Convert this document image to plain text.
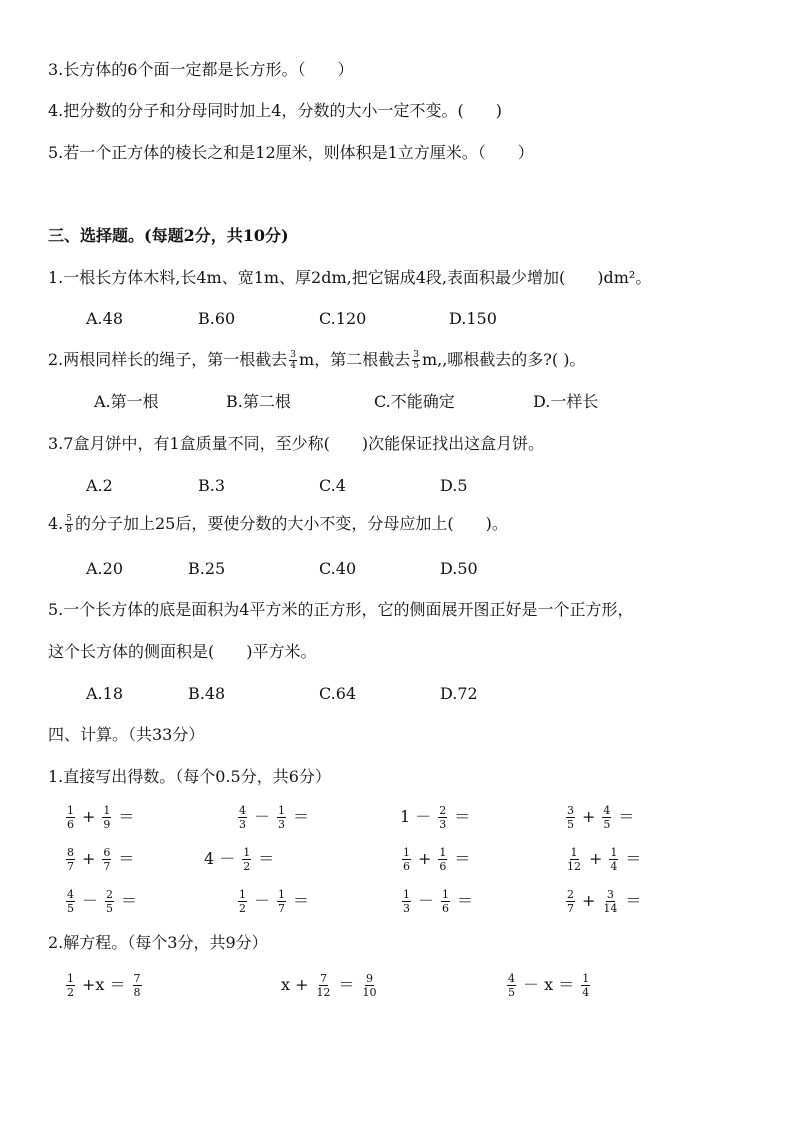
3.长方体的6个面一定都是长方形。（　　）
4.把分数的分子和分母同时加上4，分数的大小一定不变。(　　)
5.若一个正方体的棱长之和是12厘米，则体积是1立方厘米。（　　）
三、选择题。(每题2分，共10分)
1.一根长方体木料,长4m、宽1m、厚2dm,把它锯成4段,表面积最少增加(　　)dm²。
A.48	B.60	C.120	D.150
2.两根同样长的绳子，第一根截去 $\frac{3}{4}$ m，第二根截去 $\frac{3}{5} m$,,哪根截去的多?( )。
A.第一根	B.第二根	C.不能确定	D.一样长
3.7盒月饼中，有1盒质量不同，至少称(　　)次能保证找出这盒月饼。
A.2	B.3	C.4	D.5
4. $\frac{5}{8}$ 的分子加上25后，要使分数的大小不变，分母应加上(　　)。
A.20	B.25	C.40	D.50
5.一个长方体的底是面积为4平方米的正方形，它的侧面展开图正好是一个正方形，
这个长方体的侧面积是(　　)平方米。
A.18	B.48	C.64	D.72
四、计算。（共33分）
1.直接写出得数。（每个0.5分，共6分）
$\frac{1}{6} + \frac{1}{9}$ ＝	$\frac{4}{3} - \frac{1}{3}$ ＝	$1 - \frac{2}{3}$ ＝	$\frac{3}{5} + \frac{4}{5}$ ＝
$\frac{8}{7} + \frac{6}{7}$ ＝	$4 - \frac{1}{2}$ ＝	$\frac{1}{6} + \frac{1}{6}$ ＝	$\frac{1}{12} + \frac{1}{4}$ ＝
$\frac{4}{5} - \frac{2}{5}$ ＝	$\frac{1}{2} - \frac{1}{7}$ ＝	$\frac{1}{3} - \frac{1}{6}$ ＝	$\frac{2}{7} + \frac{3}{14}$ ＝
2.解方程。（每个3分，共9分）
$\frac{1}{2} +x = \frac{7}{8}$	$x + \frac{7}{12} = \frac{9}{10}$	$\frac{4}{5} - x = \frac{1}{4}$
